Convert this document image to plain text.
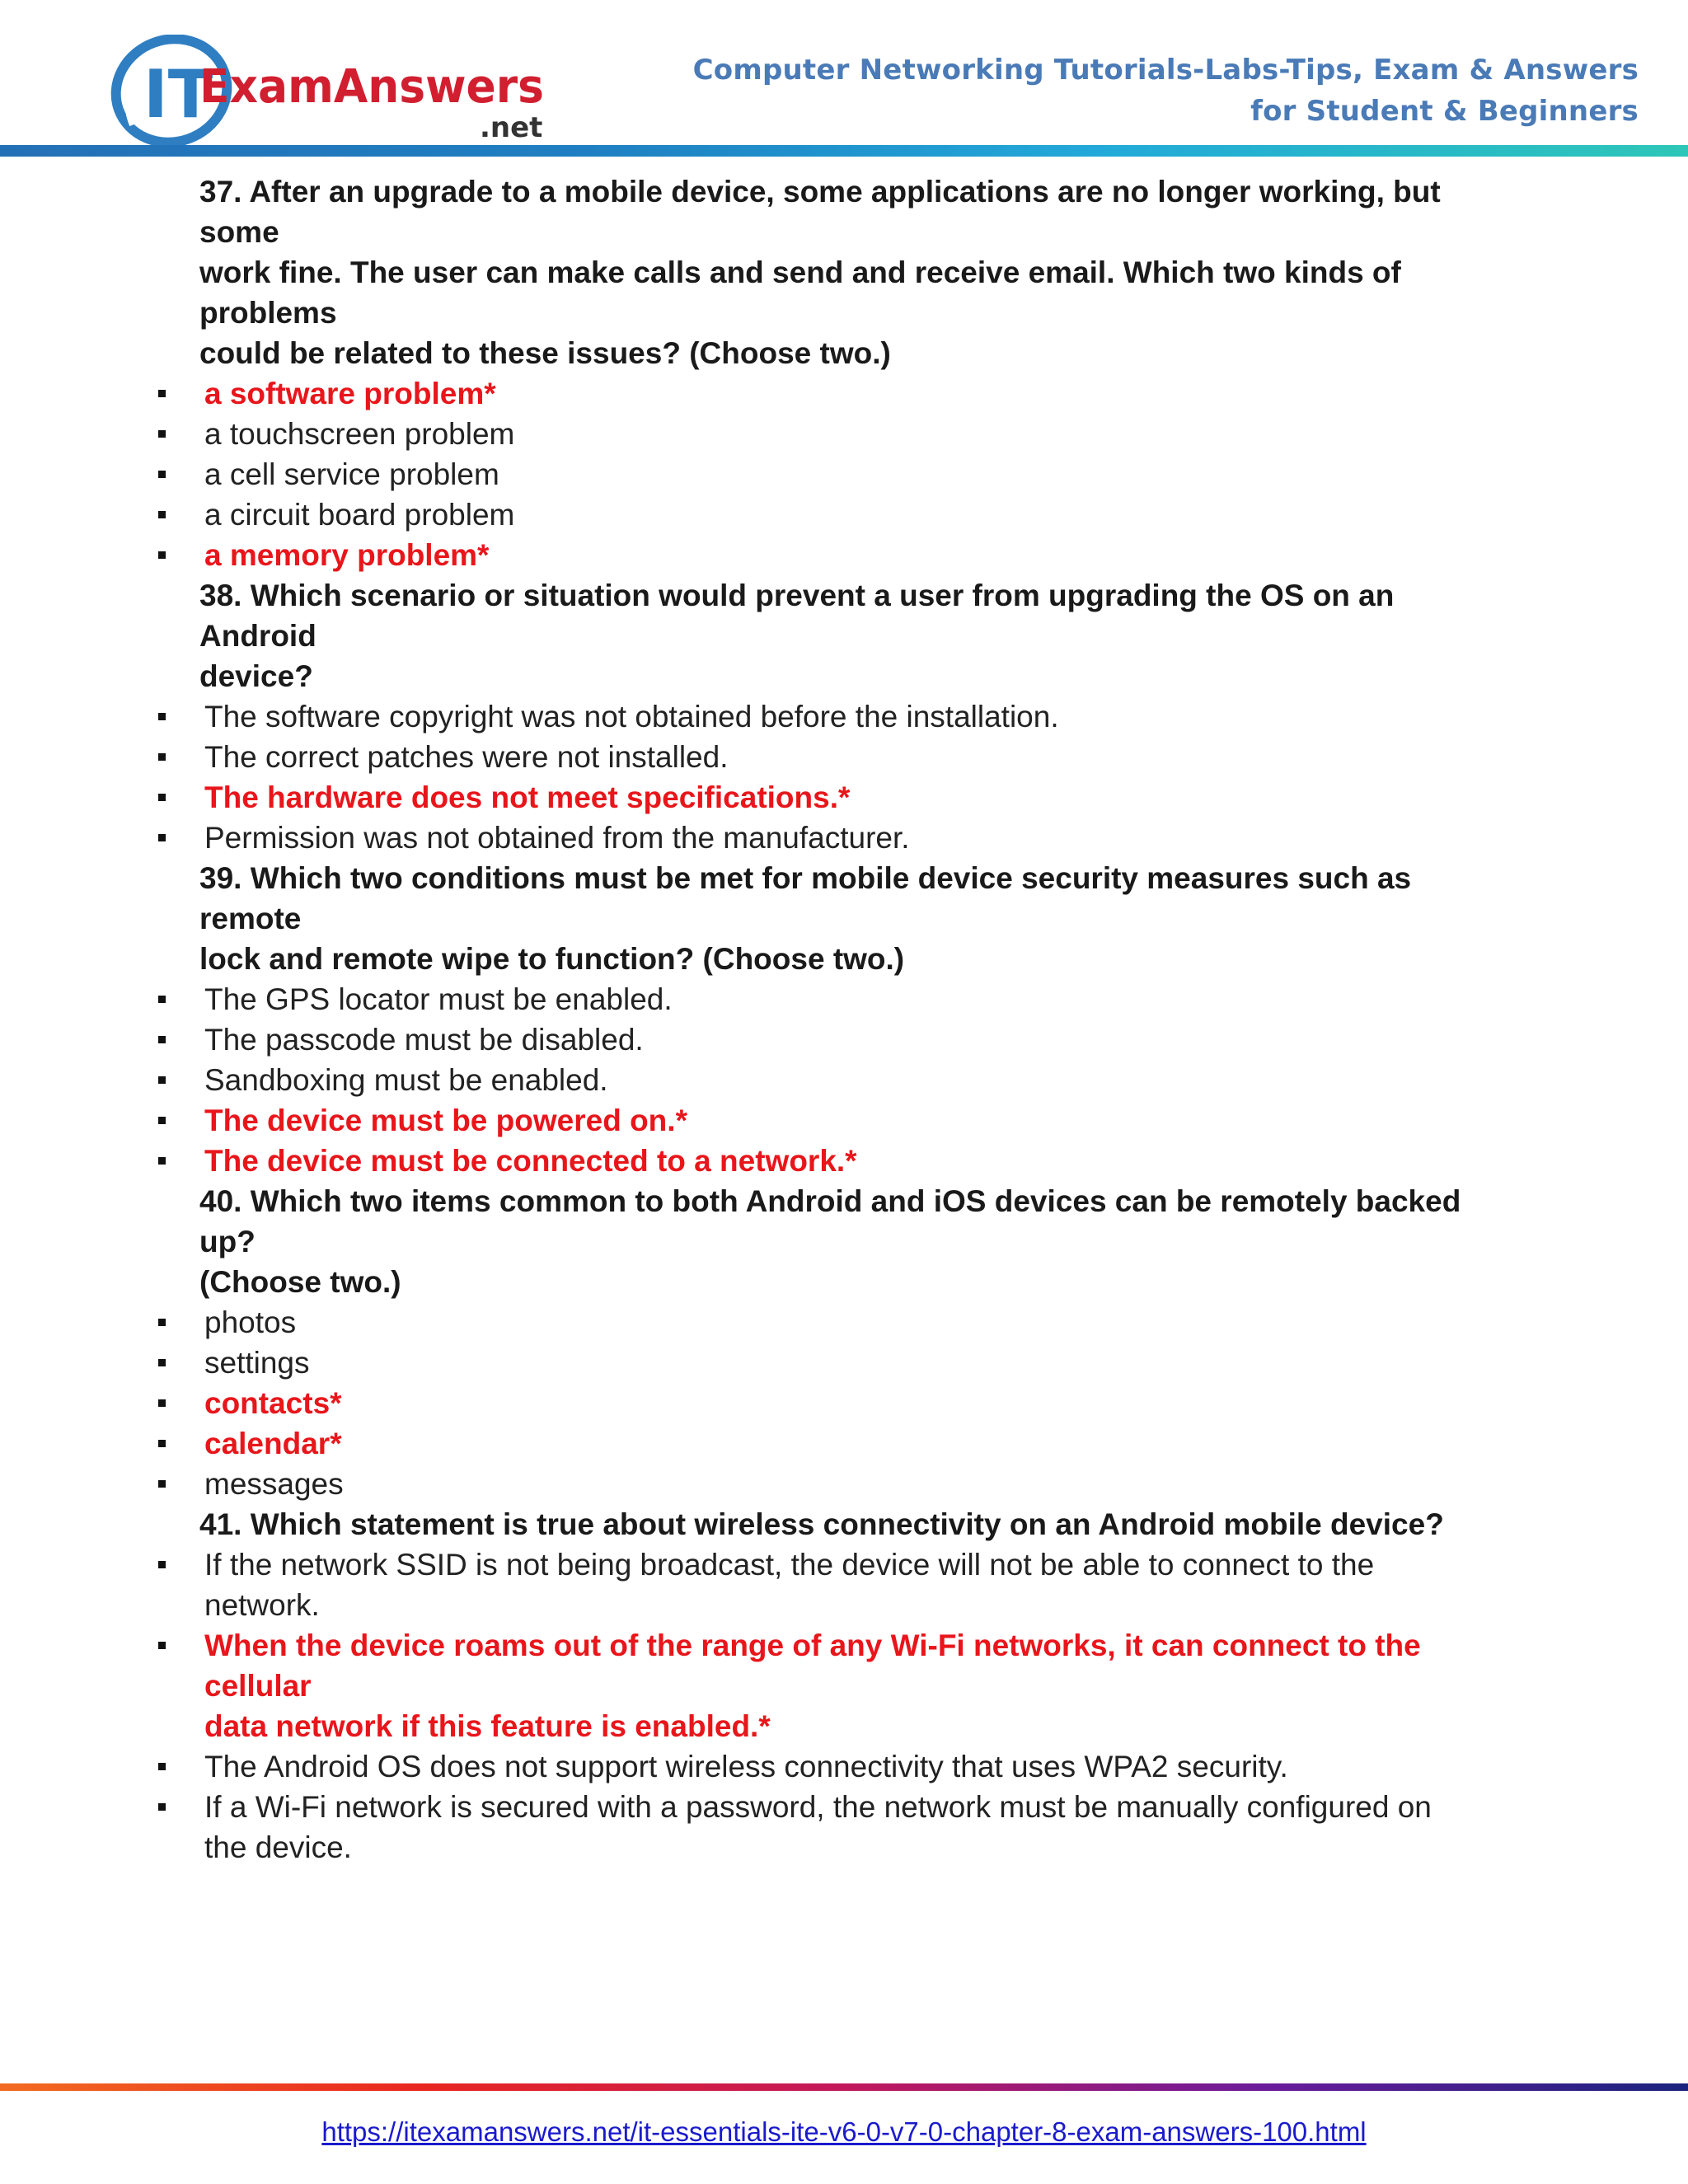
IT
ExamAnswers
.net
Computer Networking Tutorials-Labs-Tips, Exam & Answers
for Student & Beginners
37. After an upgrade to a mobile device, some applications are no longer working, but some
work fine. The user can make calls and send and receive email. Which two kinds of problems
could be related to these issues? (Choose two.)
a software problem*
a touchscreen problem
a cell service problem
a circuit board problem
a memory problem*
38. Which scenario or situation would prevent a user from upgrading the OS on an Android
device?
The software copyright was not obtained before the installation.
The correct patches were not installed.
The hardware does not meet specifications.*
Permission was not obtained from the manufacturer.
39. Which two conditions must be met for mobile device security measures such as remote
lock and remote wipe to function? (Choose two.)
The GPS locator must be enabled.
The passcode must be disabled.
Sandboxing must be enabled.
The device must be powered on.*
The device must be connected to a network.*
40. Which two items common to both Android and iOS devices can be remotely backed up?
(Choose two.)
photos
settings
contacts*
calendar*
messages
41. Which statement is true about wireless connectivity on an Android mobile device?
If the network SSID is not being broadcast, the device will not be able to connect to the
network.
When the device roams out of the range of any Wi-Fi networks, it can connect to the cellular
data network if this feature is enabled.*
The Android OS does not support wireless connectivity that uses WPA2 security.
If a Wi-Fi network is secured with a password, the network must be manually configured on
the device.
https://itexamanswers.net/it-essentials-ite-v6-0-v7-0-chapter-8-exam-answers-100.html
